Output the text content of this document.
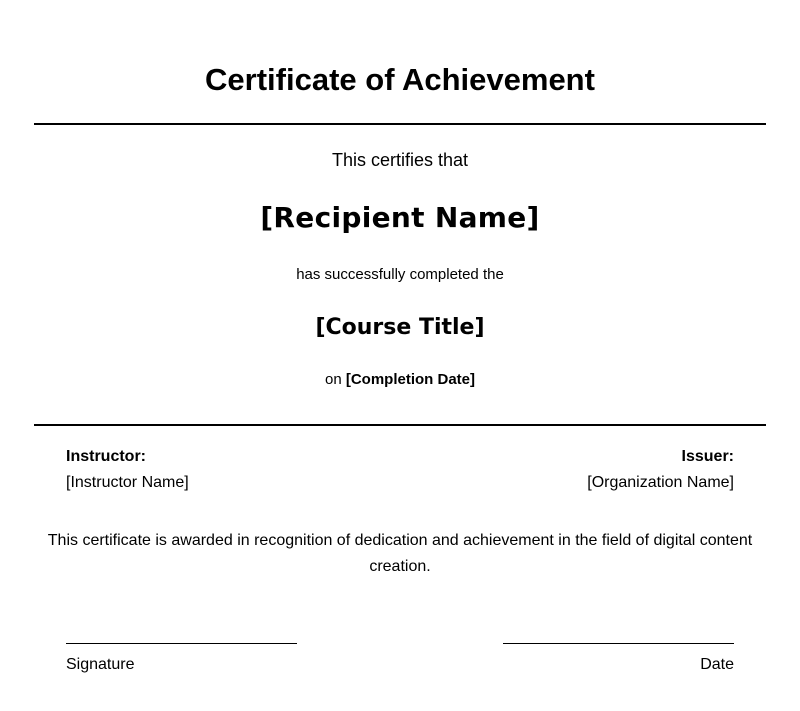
Certificate of Achievement
This certifies that
[Recipient Name]
has successfully completed the
[Course Title]
on [Completion Date]
Instructor:
[Instructor Name]
Issuer:
[Organization Name]
This certificate is awarded in recognition of dedication and achievement in the field of digital content creation.
Signature	Date
